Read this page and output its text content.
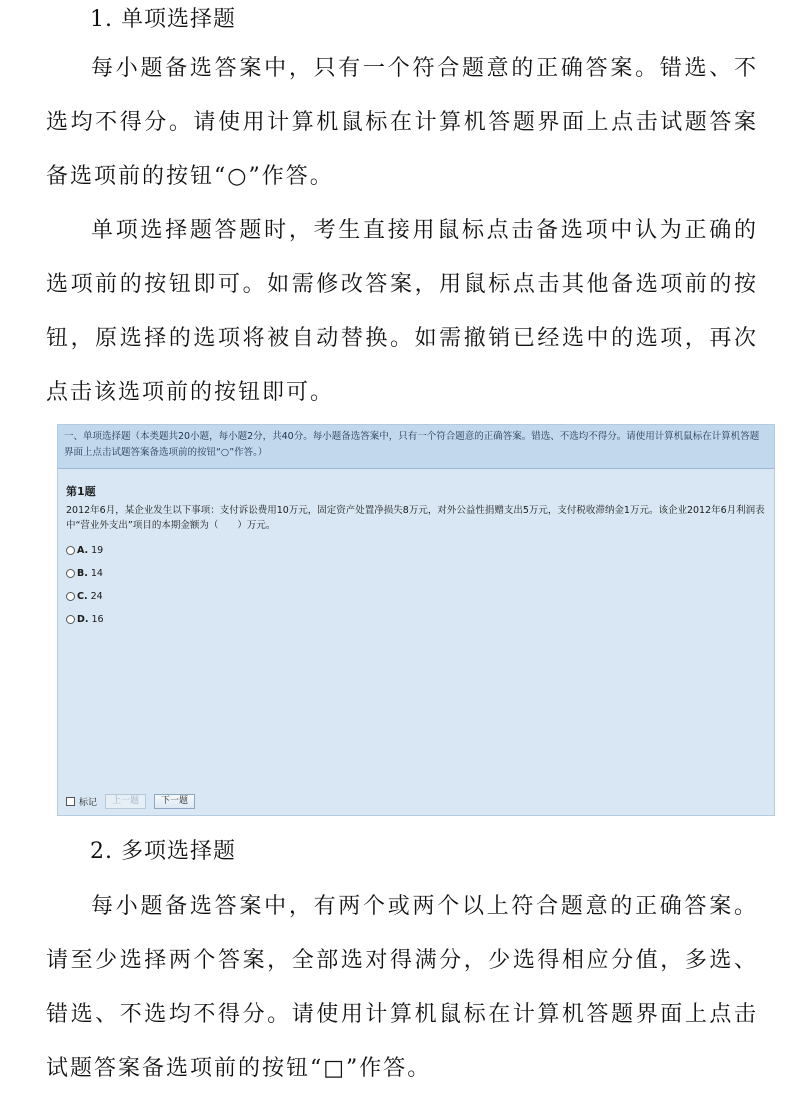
1. 单项选择题

每小题备选答案中，只有一个符合题意的正确答案。错选、不选均不得分。请使用计算机鼠标在计算机答题界面上点击试题答案备选项前的按钮“○”作答。

单项选择题答题时，考生直接用鼠标点击备选项中认为正确的选项前的按钮即可。如需修改答案，用鼠标点击其他备选项前的按钮，原选择的选项将被自动替换。如需撤销已经选中的选项，再次点击该选项前的按钮即可。

一、单项选择题（本类题共20小题，每小题2分，共40分。每小题备选答案中，只有一个符合题意的正确答案。错选、不选均不得分。请使用计算机鼠标在计算机答题界面上点击试题答案备选项前的按钮“○”作答。）
第1题
2012年6月，某企业发生以下事项：支付诉讼费用10万元，固定资产处置净损失8万元，对外公益性捐赠支出5万元，支付税收滞纳金1万元。该企业2012年6月利润表中“营业外支出”项目的本期金额为（　　）万元。
A. 19
B. 14
C. 24
D. 16
标记	上一题	下一题
2. 多项选择题

每小题备选答案中，有两个或两个以上符合题意的正确答案。请至少选择两个答案，全部选对得满分，少选得相应分值，多选、错选、不选均不得分。请使用计算机鼠标在计算机答题界面上点击试题答案备选项前的按钮“□”作答。
